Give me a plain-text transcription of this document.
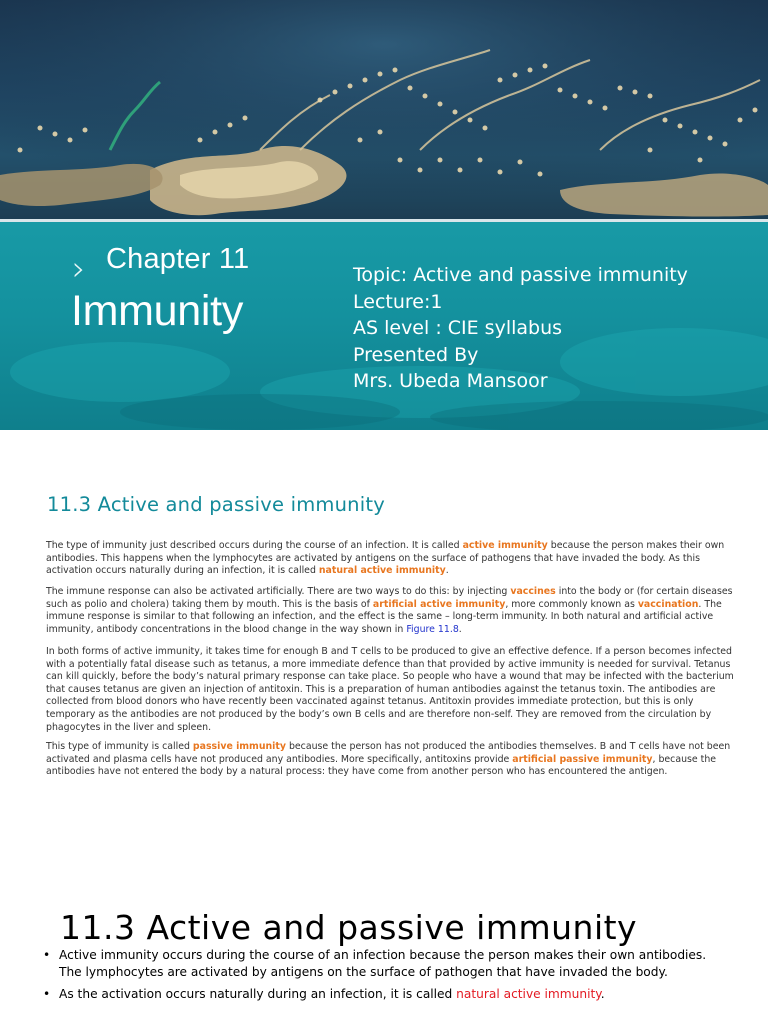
› Chapter 11
Immunity
Topic: Active and passive immunity
Lecture:1
AS level : CIE syllabus
Presented By
Mrs. Ubeda Mansoor
11.3 Active and passive immunity

The type of immunity just described occurs during the course of an infection. It is called active immunity because the person makes their own antibodies. This happens when the lymphocytes are activated by antigens on the surface of pathogens that have invaded the body. As this activation occurs naturally during an infection, it is called natural active immunity.

The immune response can also be activated artificially. There are two ways to do this: by injecting vaccines into the body or (for certain diseases such as polio and cholera) taking them by mouth. This is the basis of artificial active immunity, more commonly known as vaccination. The immune response is similar to that following an infection, and the effect is the same – long-term immunity. In both natural and artificial active immunity, antibody concentrations in the blood change in the way shown in Figure 11.8.

In both forms of active immunity, it takes time for enough B and T cells to be produced to give an effective defence. If a person becomes infected with a potentially fatal disease such as tetanus, a more immediate defence than that provided by active immunity is needed for survival. Tetanus can kill quickly, before the body’s natural primary response can take place. So people who have a wound that may be infected with the bacterium that causes tetanus are given an injection of antitoxin. This is a preparation of human antibodies against the tetanus toxin. The antibodies are collected from blood donors who have recently been vaccinated against tetanus. Antitoxin provides immediate protection, but this is only temporary as the antibodies are not produced by the body’s own B cells and are therefore non-self. They are removed from the circulation by phagocytes in the liver and spleen.

This type of immunity is called passive immunity because the person has not produced the antibodies themselves. B and T cells have not been activated and plasma cells have not produced any antibodies. More specifically, antitoxins provide artificial passive immunity, because the antibodies have not entered the body by a natural process: they have come from another person who has encountered the antigen.

11.3 Active and passive immunity
• Active immunity occurs during the course of an infection because the person makes their own antibodies. The lymphocytes are activated by antigens on the surface of pathogen that have invaded the body.
• As the activation occurs naturally during an infection, it is called natural active immunity.
